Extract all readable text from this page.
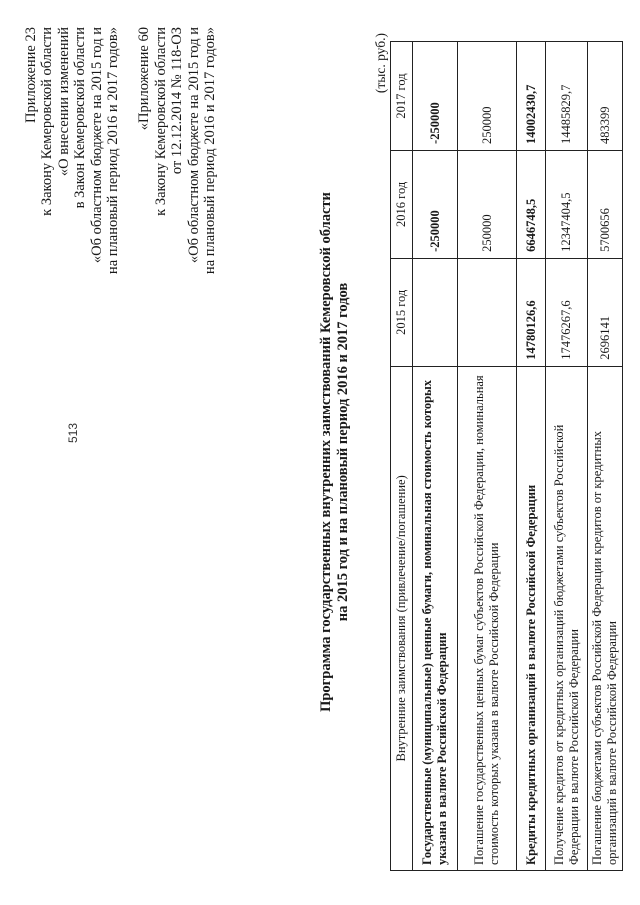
513
Приложение 23 к Закону Кемеровской области «О внесении изменений в Закон Кемеровской области «Об областном бюджете на 2015 год и на плановый период 2016 и 2017 годов» «Приложение 60 к Закону Кемеровской области от 12.12.2014 № 118-ОЗ «Об областном бюджете на 2015 год и на плановый период 2016 и 2017 годов»
Программа государственных внутренних заимствований Кемеровской области на 2015 год и на плановый период 2016 и 2017 годов
(тыс. руб.)
Внутренние заимствования (привлечение/погашение)	2015 год	2016 год	2017 год
Государственные (муниципальные) ценные бумаги, номинальная стоимость которых указана в валюте Российской Федерации		-250000	-250000
Погашение государственных ценных бумаг субъектов Российской Федерации, номинальная стоимость которых указана в валюте Российской Федерации		250000	250000
Кредиты кредитных организаций в валюте Российской Федерации	14780126,6	6646748,5	14002430,7
Получение кредитов от кредитных организаций бюджетами субъектов Российской Федерации в валюте Российской Федерации	17476267,6	12347404,5	14485829,7
Погашение бюджетами субъектов Российской Федерации кредитов от кредитных организаций в валюте Российской Федерации	2696141	5700656	483399
